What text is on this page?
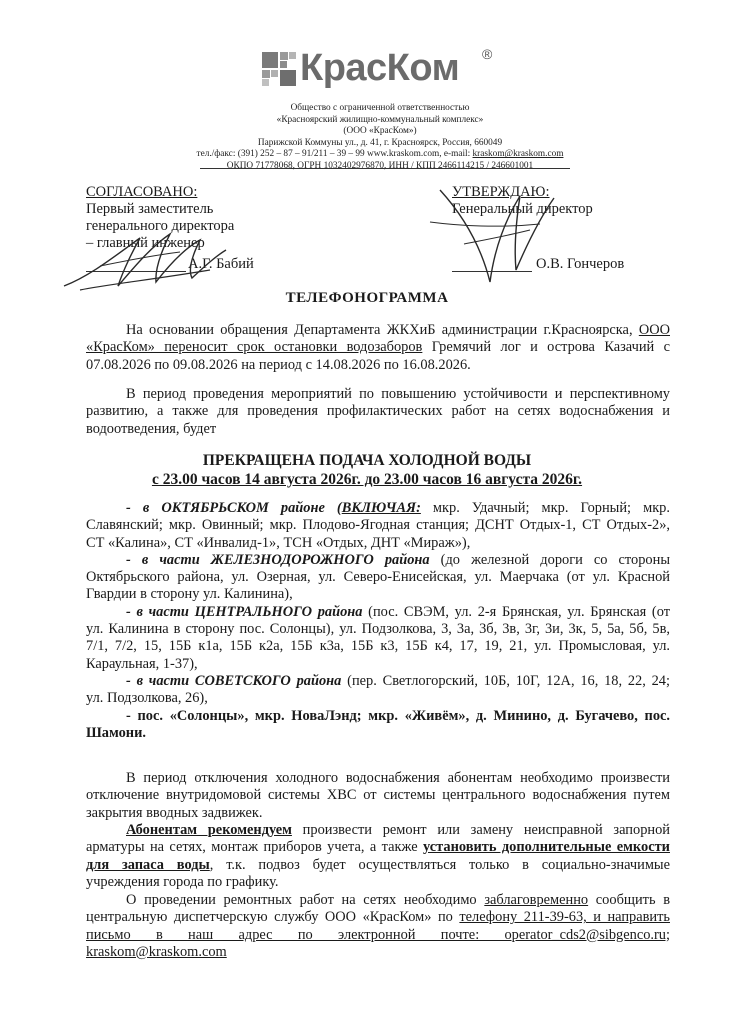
КрасКом ®
Общество с ограниченной ответственностью
«Красноярский жилищно-коммунальный комплекс»
(ООО «КрасКом»)
Парижской Коммуны ул., д. 41, г. Красноярск, Россия, 660049
тел./факс: (391) 252 – 87 – 91/211 – 39 – 99 www.kraskom.com, e-mail: kraskom@kraskom.com
ОКПО 71778068, ОГРН 1032402976870, ИНН / КПП 2466114215 / 246601001
СОГЛАСОВАНО:
Первый заместитель
генерального директора
– главный инженер
А.Г. Бабий
УТВЕРЖДАЮ:
Генеральный директор
О.В. Гончеров
ТЕЛЕФОНОГРАММА
На основании обращения Департамента ЖКХиБ администрации г.Красноярска, ООО
«КрасКом» переносит срок остановки водозаборов Гремячий лог и острова Казачий с
07.08.2026 по 09.08.2026 на период с 14.08.2026 по 16.08.2026.
В период проведения мероприятий по повышению устойчивости и перспективному
развитию, а также для проведения профилактических работ на сетях водоснабжения и
водоотведения, будет
ПРЕКРАЩЕНА ПОДАЧА ХОЛОДНОЙ ВОДЫ
с 23.00 часов 14 августа 2026г. до 23.00 часов 16 августа 2026г.
- в ОКТЯБРЬСКОМ районе (ВКЛЮЧАЯ: мкр. Удачный; мкр. Горный; мкр.
Славянский; мкр. Овинный; мкр. Плодово-Ягодная станция; ДСНТ Отдых-1, СТ Отдых-2»,
СТ «Калина», СТ «Инвалид-1», ТСН «Отдых, ДНТ «Мираж»),
- в части ЖЕЛЕЗНОДОРОЖНОГО района (до железной дороги со стороны
Октябрьского района, ул. Озерная, ул. Северо-Енисейская, ул. Маерчака (от ул. Красной
Гвардии в сторону ул. Калинина),
- в части ЦЕНТРАЛЬНОГО района (пос. СВЭМ, ул. 2-я Брянская, ул. Брянская (от
ул. Калинина в сторону пос. Солонцы), ул. Подзолкова, 3, 3а, 3б, 3в, 3г, 3и, 3к, 5, 5а, 5б, 5в,
7/1, 7/2, 15, 15Б к1а, 15Б к2а, 15Б к3а, 15Б к3, 15Б к4, 17, 19, 21, ул. Промысловая, ул.
Караульная, 1-37),
- в части СОВЕТСКОГО района (пер. Светлогорский, 10Б, 10Г, 12А, 16, 18, 22, 24;
ул. Подзолкова, 26),
- пос. «Солонцы», мкр. НоваЛэнд; мкр. «Живём», д. Минино, д. Бугачево, пос.
Шамони.
В период отключения холодного водоснабжения абонентам необходимо произвести
отключение внутридомовой системы ХВС от системы центрального водоснабжения путем
закрытия вводных задвижек.
Абонентам рекомендуем произвести ремонт или замену неисправной запорной
арматуры на сетях, монтаж приборов учета, а также установить дополнительные емкости
для запаса воды, т.к. подвоз будет осуществляться только в социально-значимые
учреждения города по графику.
О проведении ремонтных работ на сетях необходимо заблаговременно сообщить в
центральную диспетчерскую службу ООО «КрасКом» по телефону 211-39-63, и направить
письмо в наш адрес по электронной почте: operator_cds2@sibgenco.ru;
kraskom@kraskom.com
